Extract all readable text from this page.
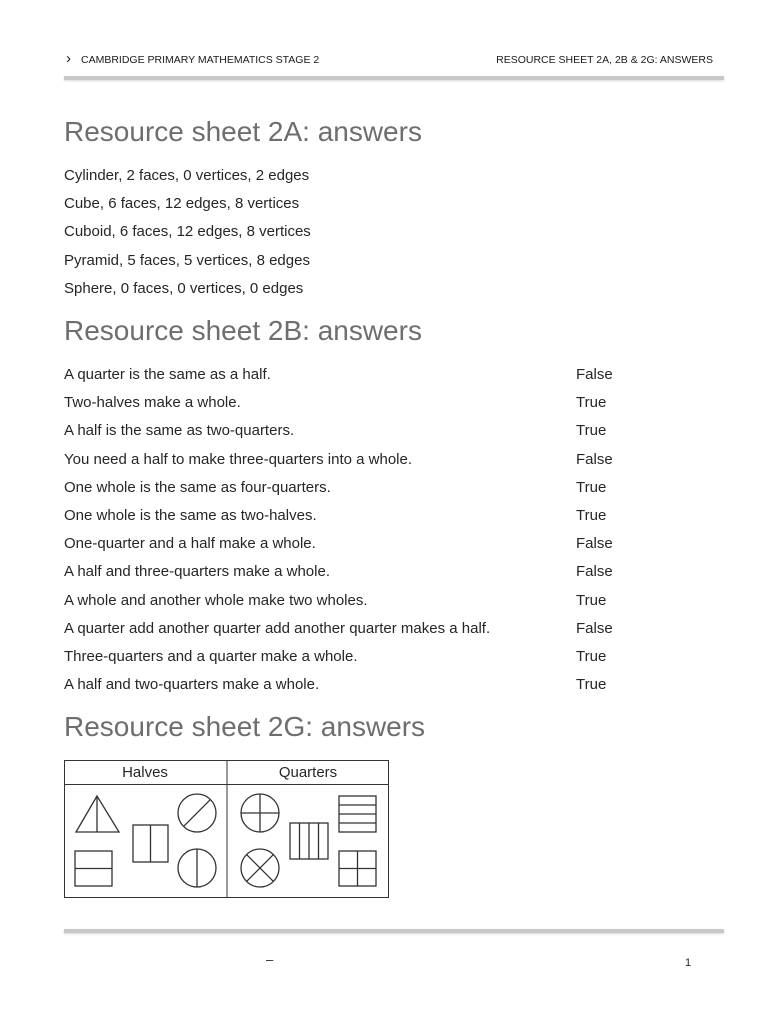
› CAMBRIDGE PRIMARY MATHEMATICS STAGE 2	RESOURCE SHEET 2A, 2B & 2G: ANSWERS
Resource sheet 2A: answers
Cylinder, 2 faces, 0 vertices, 2 edges
Cube, 6 faces, 12 edges, 8 vertices
Cuboid, 6 faces, 12 edges, 8 vertices
Pyramid, 5 faces, 5 vertices, 8 edges
Sphere, 0 faces, 0 vertices, 0 edges
Resource sheet 2B: answers
A quarter is the same as a half.	False
Two-halves make a whole.	True
A half is the same as two-quarters.	True
You need a half to make three-quarters into a whole.	False
One whole is the same as four-quarters.	True
One whole is the same as two-halves.	True
One-quarter and a half make a whole.	False
A half and three-quarters make a whole.	False
A whole and another whole make two wholes.	True
A quarter add another quarter add another quarter makes a half.	False
Three-quarters and a quarter make a whole.	True
A half and two-quarters make a whole.	True
Resource sheet 2G: answers
Halves	Quarters
–	1
